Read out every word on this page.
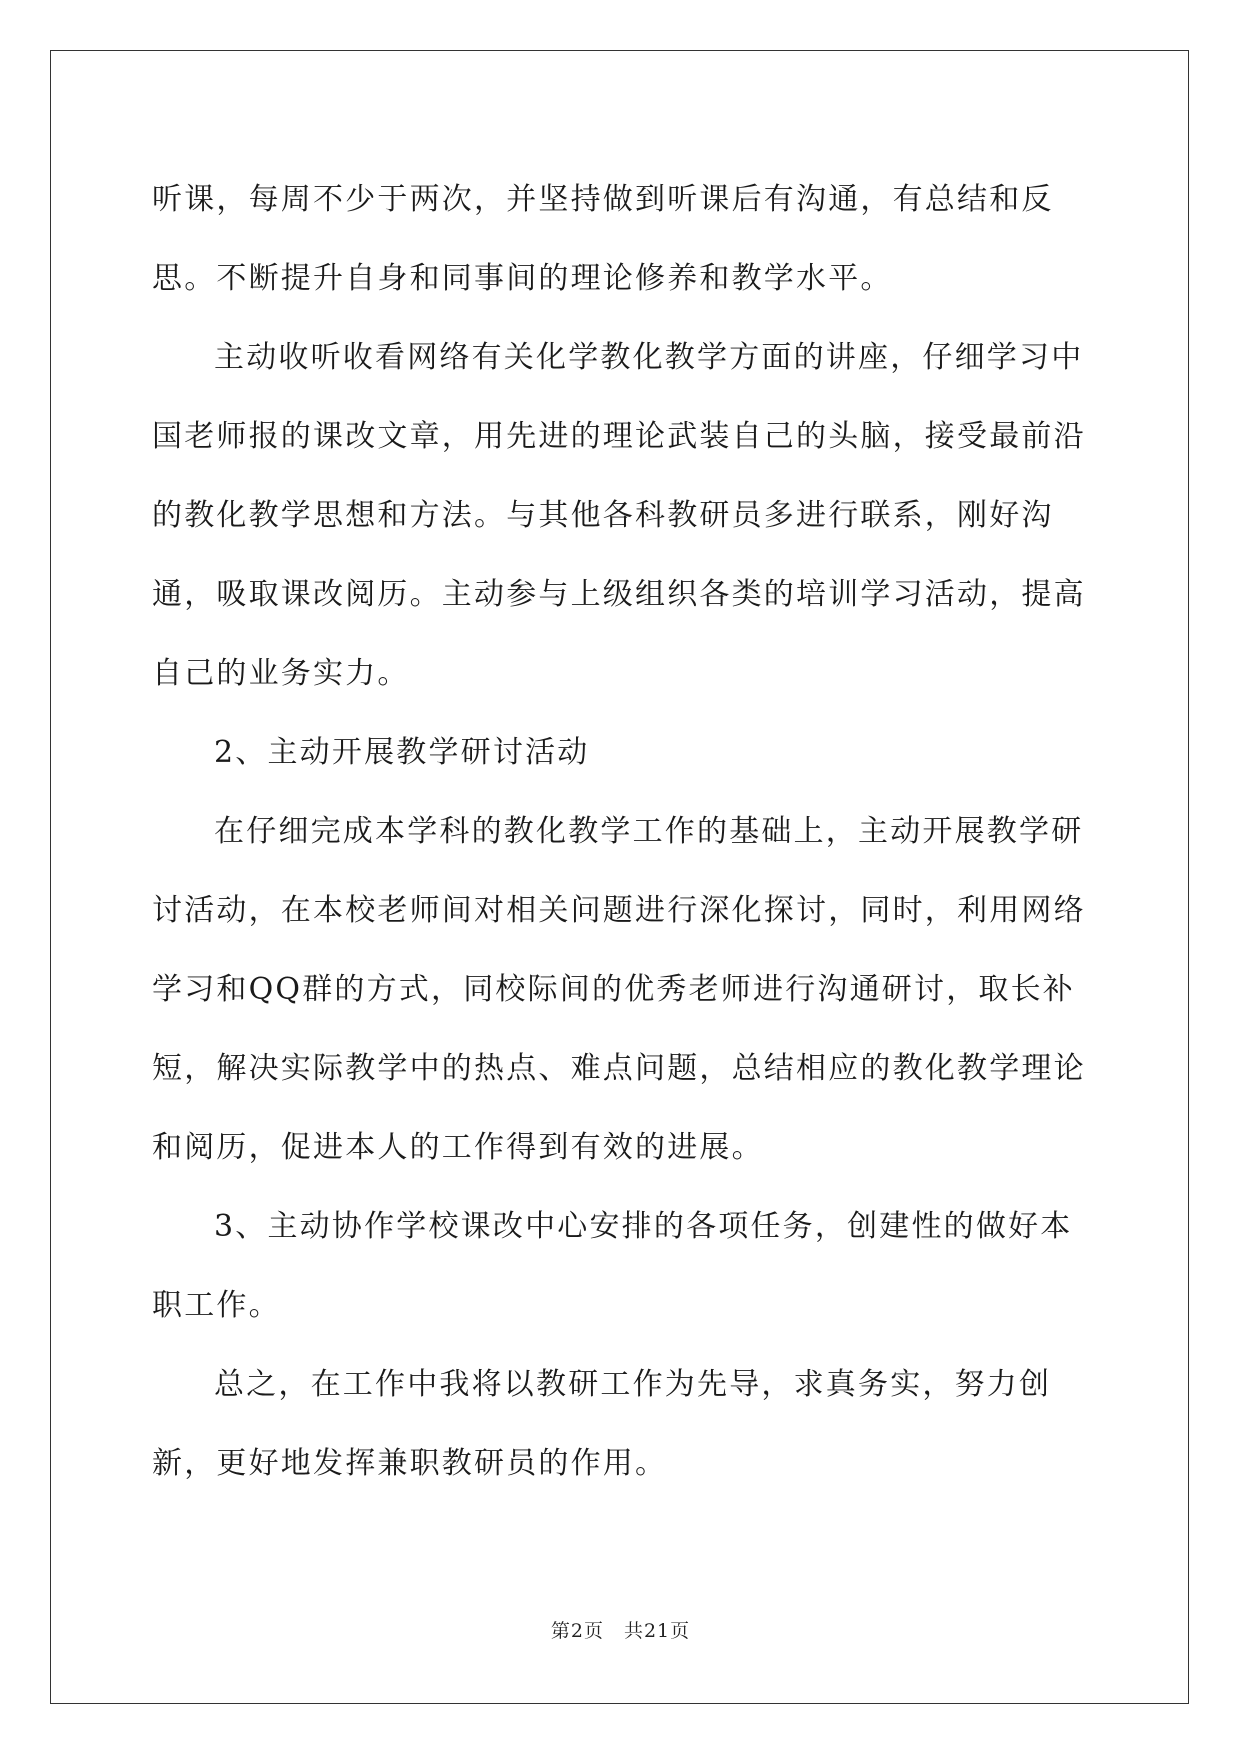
听课，每周不少于两次，并坚持做到听课后有沟通，有总结和反思。不断提升自身和同事间的理论修养和教学水平。

主动收听收看网络有关化学教化教学方面的讲座，仔细学习中国老师报的课改文章，用先进的理论武装自己的头脑，接受最前沿的教化教学思想和方法。与其他各科教研员多进行联系，刚好沟通，吸取课改阅历。主动参与上级组织各类的培训学习活动，提高自己的业务实力。

2、主动开展教学研讨活动

在仔细完成本学科的教化教学工作的基础上，主动开展教学研讨活动，在本校老师间对相关问题进行深化探讨，同时，利用网络学习和QQ群的方式，同校际间的优秀老师进行沟通研讨，取长补短，解决实际教学中的热点、难点问题，总结相应的教化教学理论和阅历，促进本人的工作得到有效的进展。

3、主动协作学校课改中心安排的各项任务，创建性的做好本职工作。

总之，在工作中我将以教研工作为先导，求真务实，努力创新，更好地发挥兼职教研员的作用。

第2页　共21页
